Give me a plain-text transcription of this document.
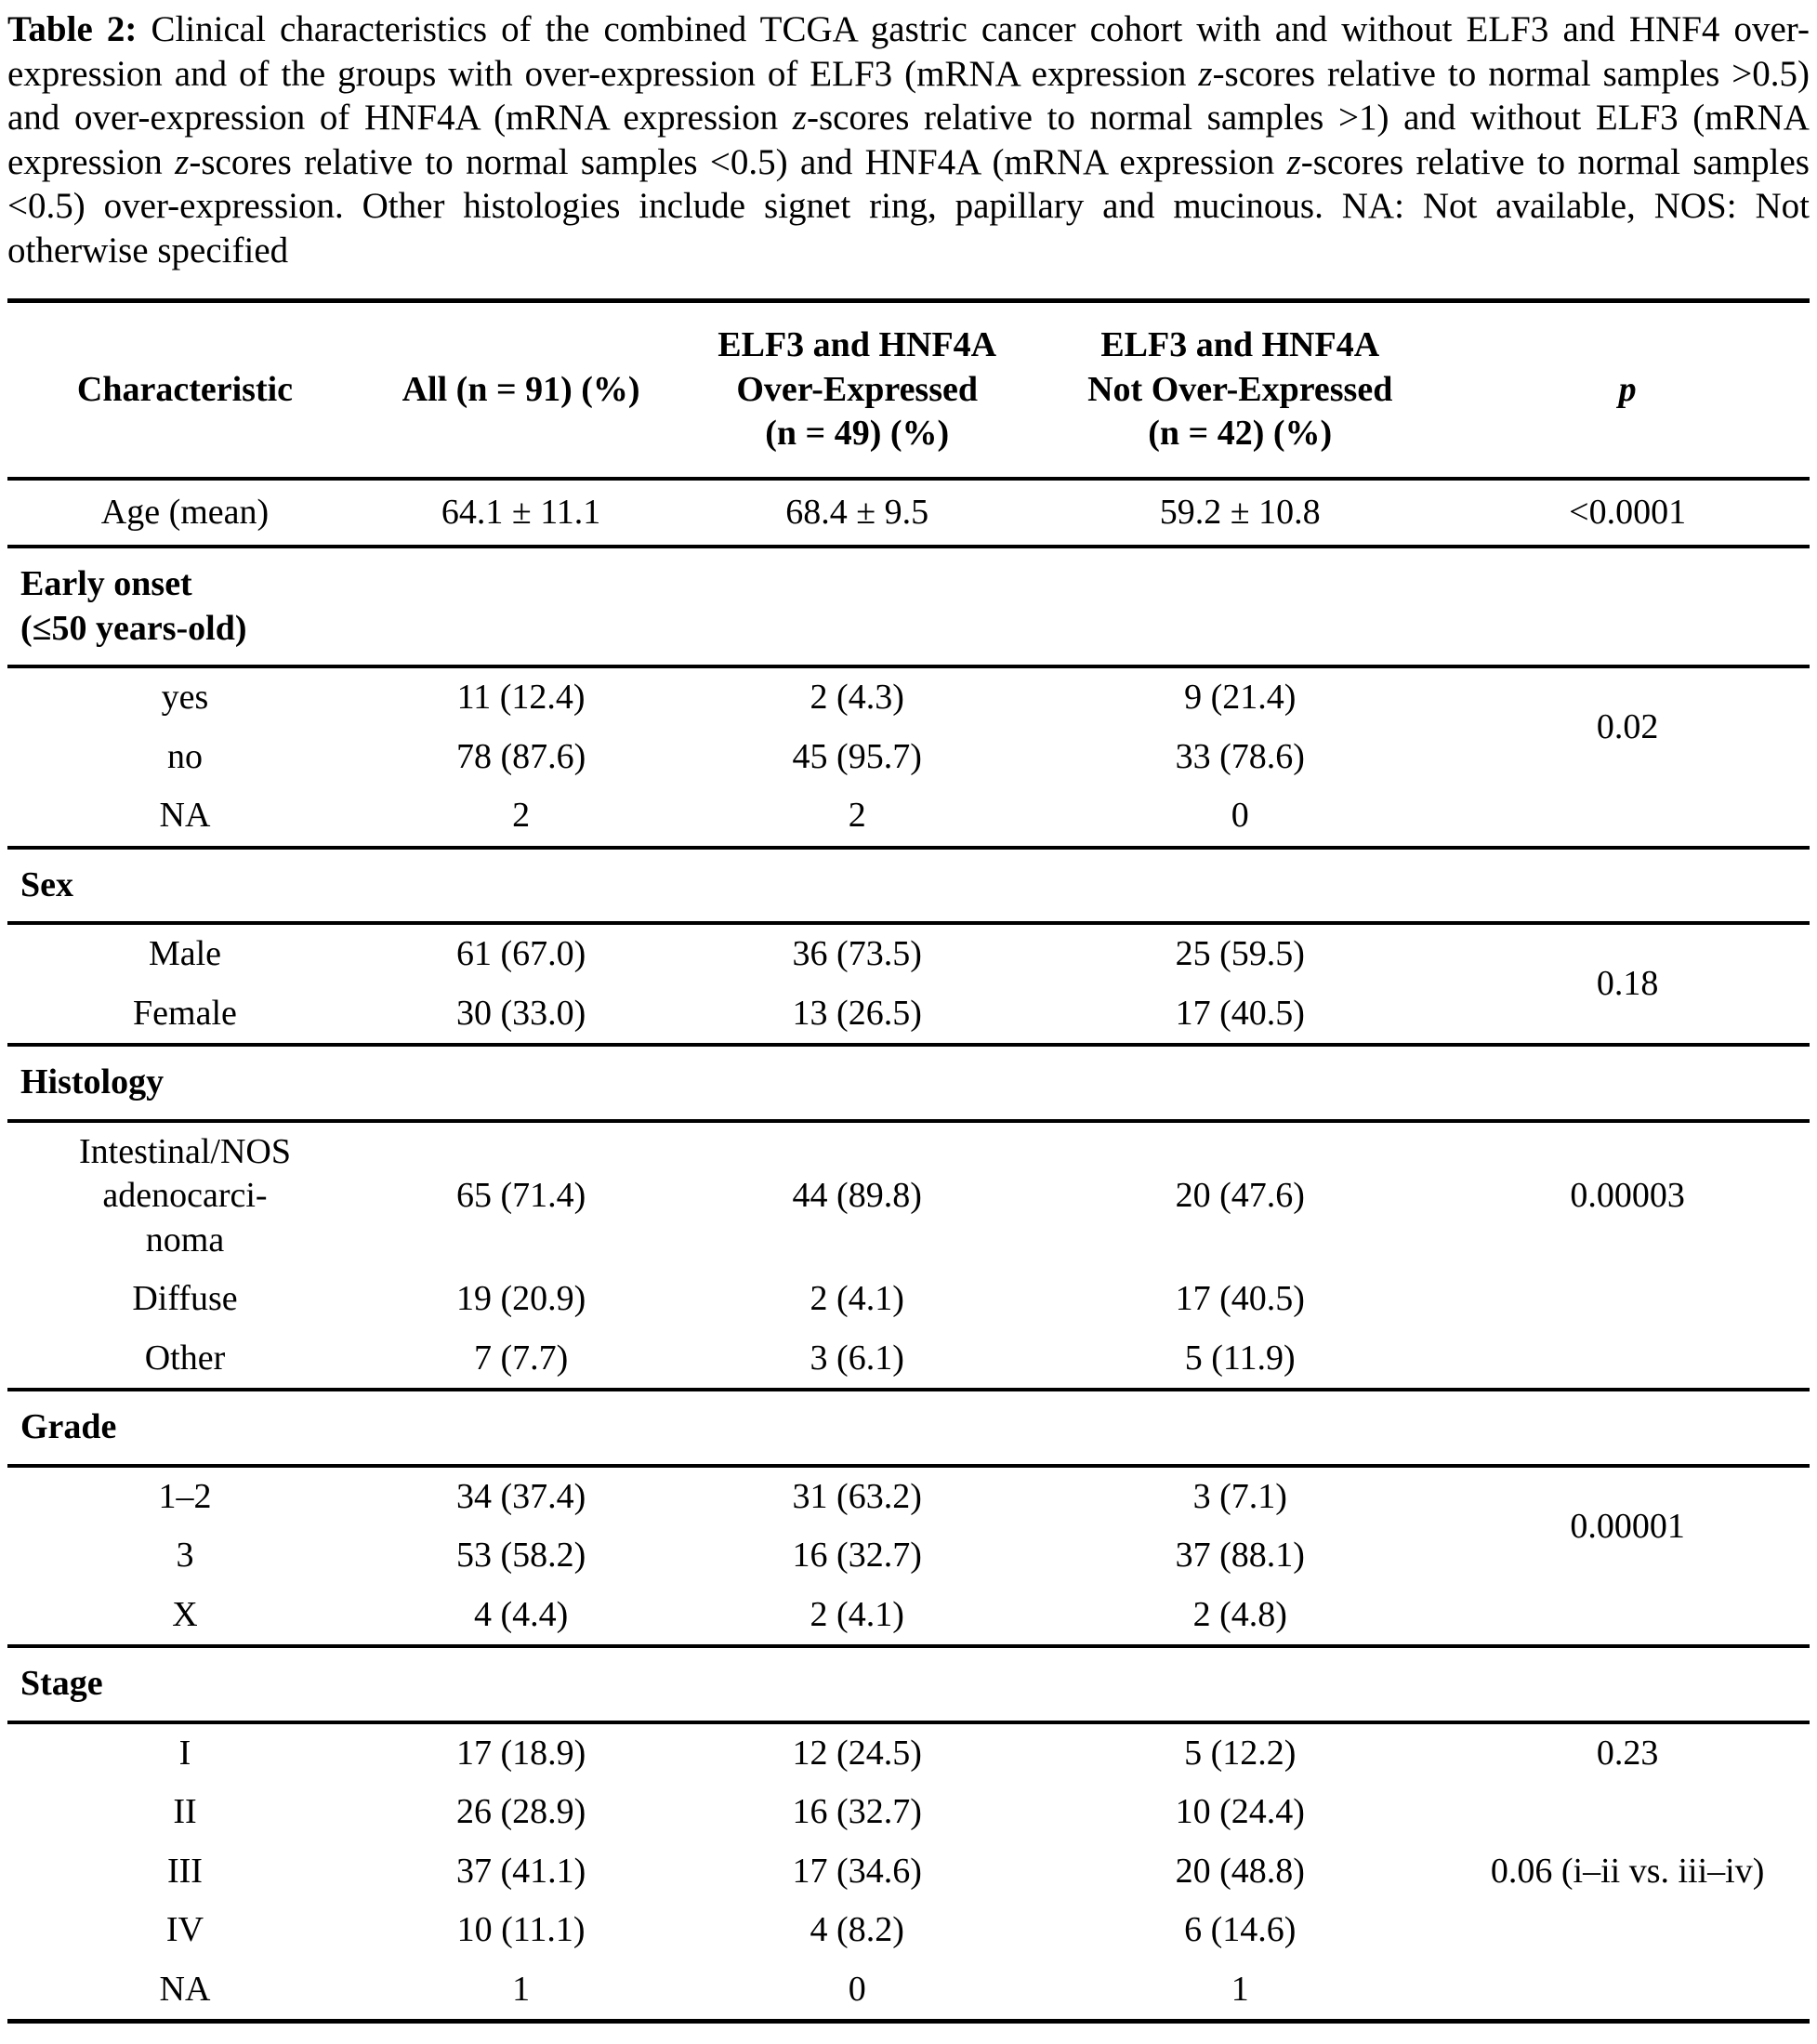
Table 2: Clinical characteristics of the combined TCGA gastric cancer cohort with and without ELF3 and HNF4 over-expression and of the groups with over-expression of ELF3 (mRNA expression z-scores relative to normal samples >0.5) and over-expression of HNF4A (mRNA expression z-scores relative to normal samples >1) and without ELF3 (mRNA expression z-scores relative to normal samples <0.5) and HNF4A (mRNA expression z-scores relative to normal samples <0.5) over-expression. Other histologies include signet ring, papillary and mucinous. NA: Not available, NOS: Not otherwise specified

Characteristic	All (n = 91) (%)	ELF3 and HNF4A
Over-Expressed
(n = 49) (%)	ELF3 and HNF4A
Not Over-Expressed
(n = 42) (%)	p
Age (mean)	64.1 ± 11.1	68.4 ± 9.5	59.2 ± 10.8	<0.0001

Early onset
(≤50 years-old)				

yes	11 (12.4)	2 (4.3)	9 (21.4)	0.02
no	78 (87.6)	45 (95.7)	33 (78.6)	
NA	2	2	0	
Sex				
Male	61 (67.0)	36 (73.5)	25 (59.5)	0.18
Female	30 (33.0)	13 (26.5)	17 (40.5)	
Histology				

Intestinal/NOS
adenocarci-
noma	65 (71.4)	44 (89.8)	20 (47.6)	0.00003
Diffuse	19 (20.9)	2 (4.1)	17 (40.5)	
Other	7 (7.7)	3 (6.1)	5 (11.9)	
Grade				
1–2	34 (37.4)	31 (63.2)	3 (7.1)	0.00001
3	53 (58.2)	16 (32.7)	37 (88.1)	
X	4 (4.4)	2 (4.1)	2 (4.8)	
Stage				
I	17 (18.9)	12 (24.5)	5 (12.2)	0.23
II	26 (28.9)	16 (32.7)	10 (24.4)	
III	37 (41.1)	17 (34.6)	20 (48.8)	0.06 (i–ii vs. iii–iv)
IV	10 (11.1)	4 (8.2)	6 (14.6)	
NA	1	0	1	
